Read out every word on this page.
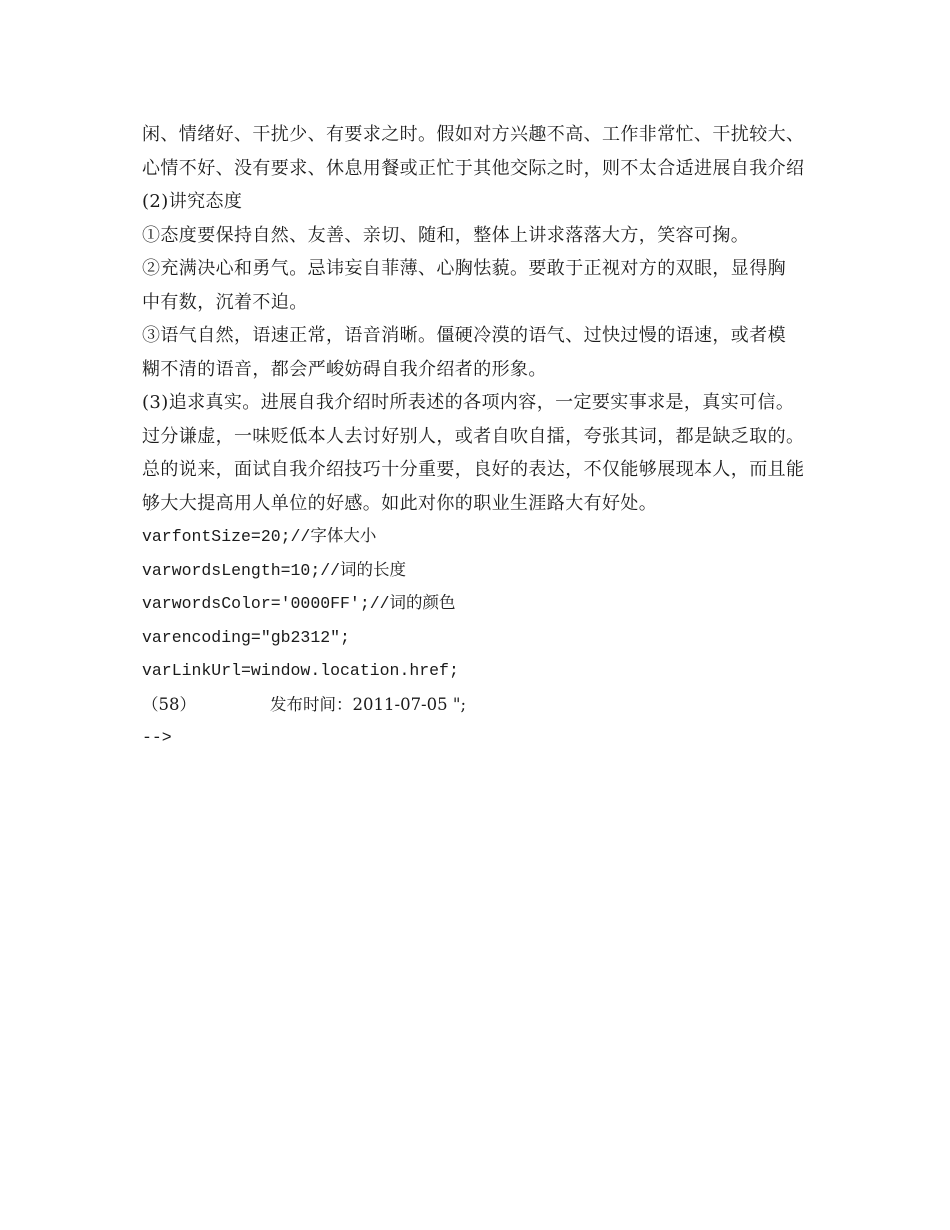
闲、情绪好、干扰少、有要求之时。假如对方兴趣不高、工作非常忙、干扰较大、
心情不好、没有要求、休息用餐或正忙于其他交际之时，则不太合适进展自我介绍
(2)讲究态度
①态度要保持自然、友善、亲切、随和，整体上讲求落落大方，笑容可掬。
②充满决心和勇气。忌讳妄自菲薄、心胸怯藐。要敢于正视对方的双眼，显得胸
中有数，沉着不迫。
③语气自然，语速正常，语音消晰。僵硬冷漠的语气、过快过慢的语速，或者模
糊不清的语音，都会严峻妨碍自我介绍者的形象。
(3)追求真实。进展自我介绍时所表述的各项内容，一定要实事求是，真实可信。
过分谦虚，一味贬低本人去讨好别人，或者自吹自擂，夸张其词，都是缺乏取的。
总的说来，面试自我介绍技巧十分重要，良好的表达，不仅能够展现本人，而且能
够大大提高用人单位的好感。如此对你的职业生涯路大有好处。
varfontSize=20;//字体大小
varwordsLength=10;//词的长度
varwordsColor='0000FF';//词的颜色
varencoding="gb2312";
varLinkUrl=window.location.href;
（58）	发布时间：2011-07-05 ";
-->
